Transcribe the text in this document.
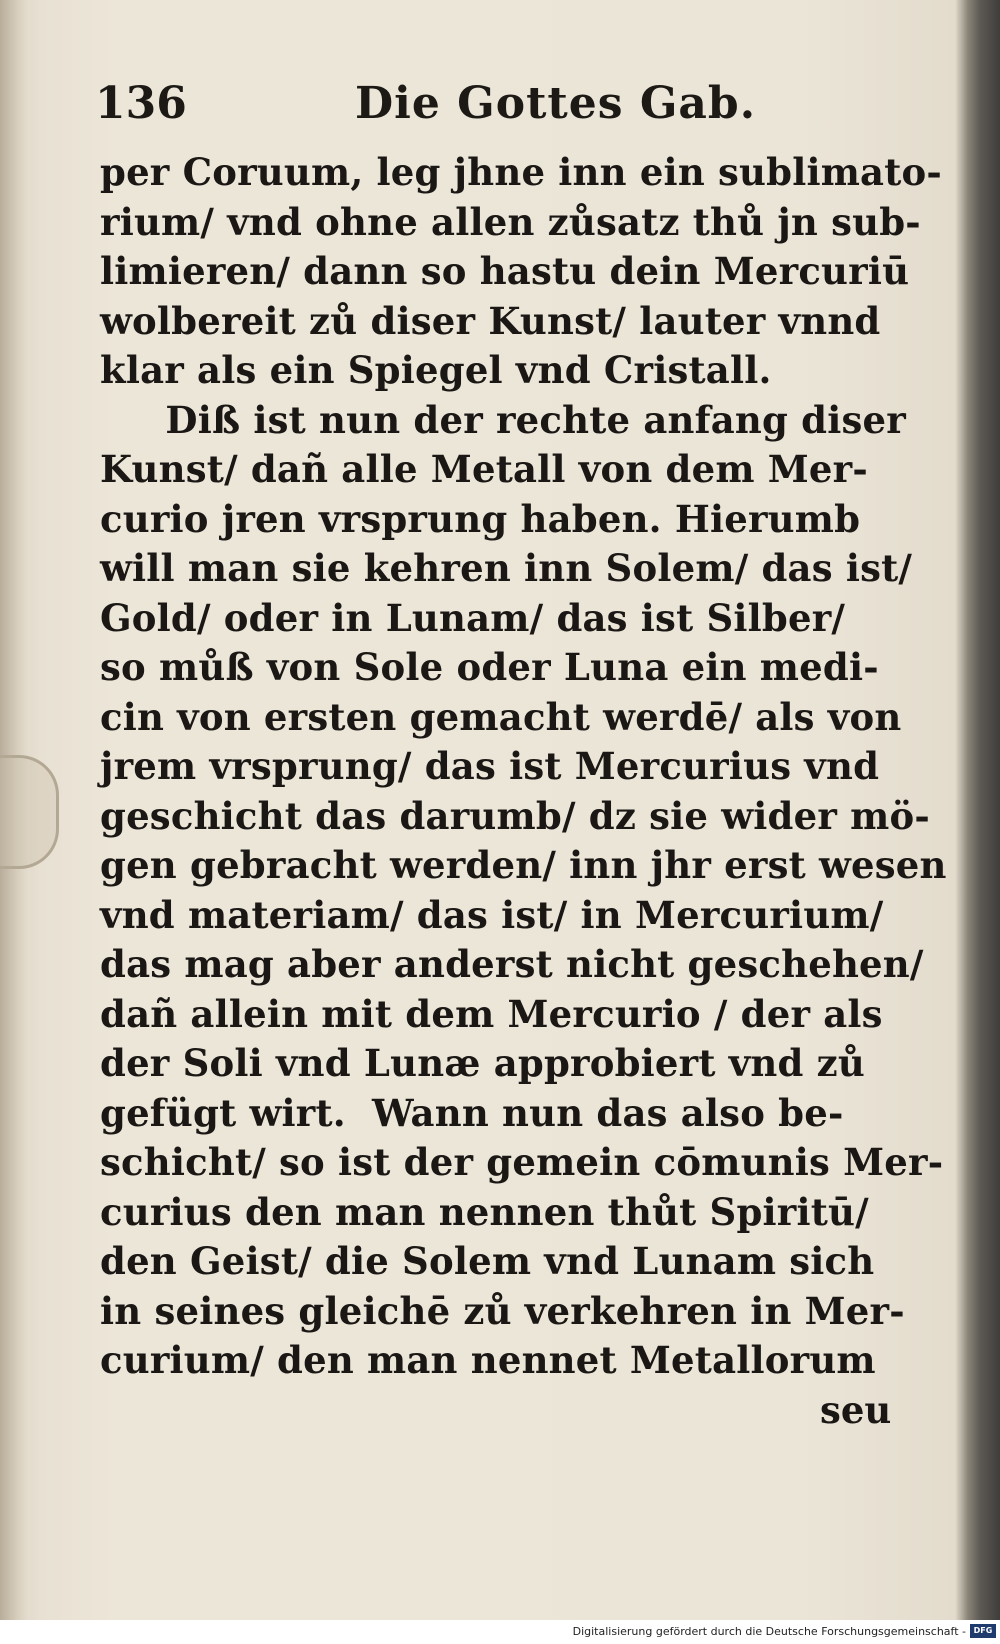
136	Die Gottes Gab.
per Coruum, leg jhne inn ein sublimato-
rium/ vnd ohne allen zůsatz thů jn sub-
limieren/ dann so hastu dein Mercuriū
wolbereit zů diser Kunst/ lauter vnnd
klar als ein Spiegel vnd Cristall.
Diß ist nun der rechte anfang diser
Kunst/ dañ alle Metall von dem Mer-
curio jren vrsprung haben. Hierumb
will man sie kehren inn Solem/ das ist/
Gold/ oder in Lunam/ das ist Silber/
so můß von Sole oder Luna ein medi-
cin von ersten gemacht werdē/ als von
jrem vrsprung/ das ist Mercurius vnd
geschicht das darumb/ dz sie wider mö-
gen gebracht werden/ inn jhr erst wesen
vnd materiam/ das ist/ in Mercurium/
das mag aber anderst nicht geschehen/
dañ allein mit dem Mercurio / der als
der Soli vnd Lunæ approbiert vnd zů
gefügt wirt.  Wann nun das also be-
schicht/ so ist der gemein cōmunis Mer-
curius den man nennen thůt Spiritū/
den Geist/ die Solem vnd Lunam sich
in seines gleichē zů verkehren in Mer-
curium/ den man nennet Metallorum
seu
Digitalisierung gefördert durch die Deutsche Forschungsgemeinschaft - DFG
